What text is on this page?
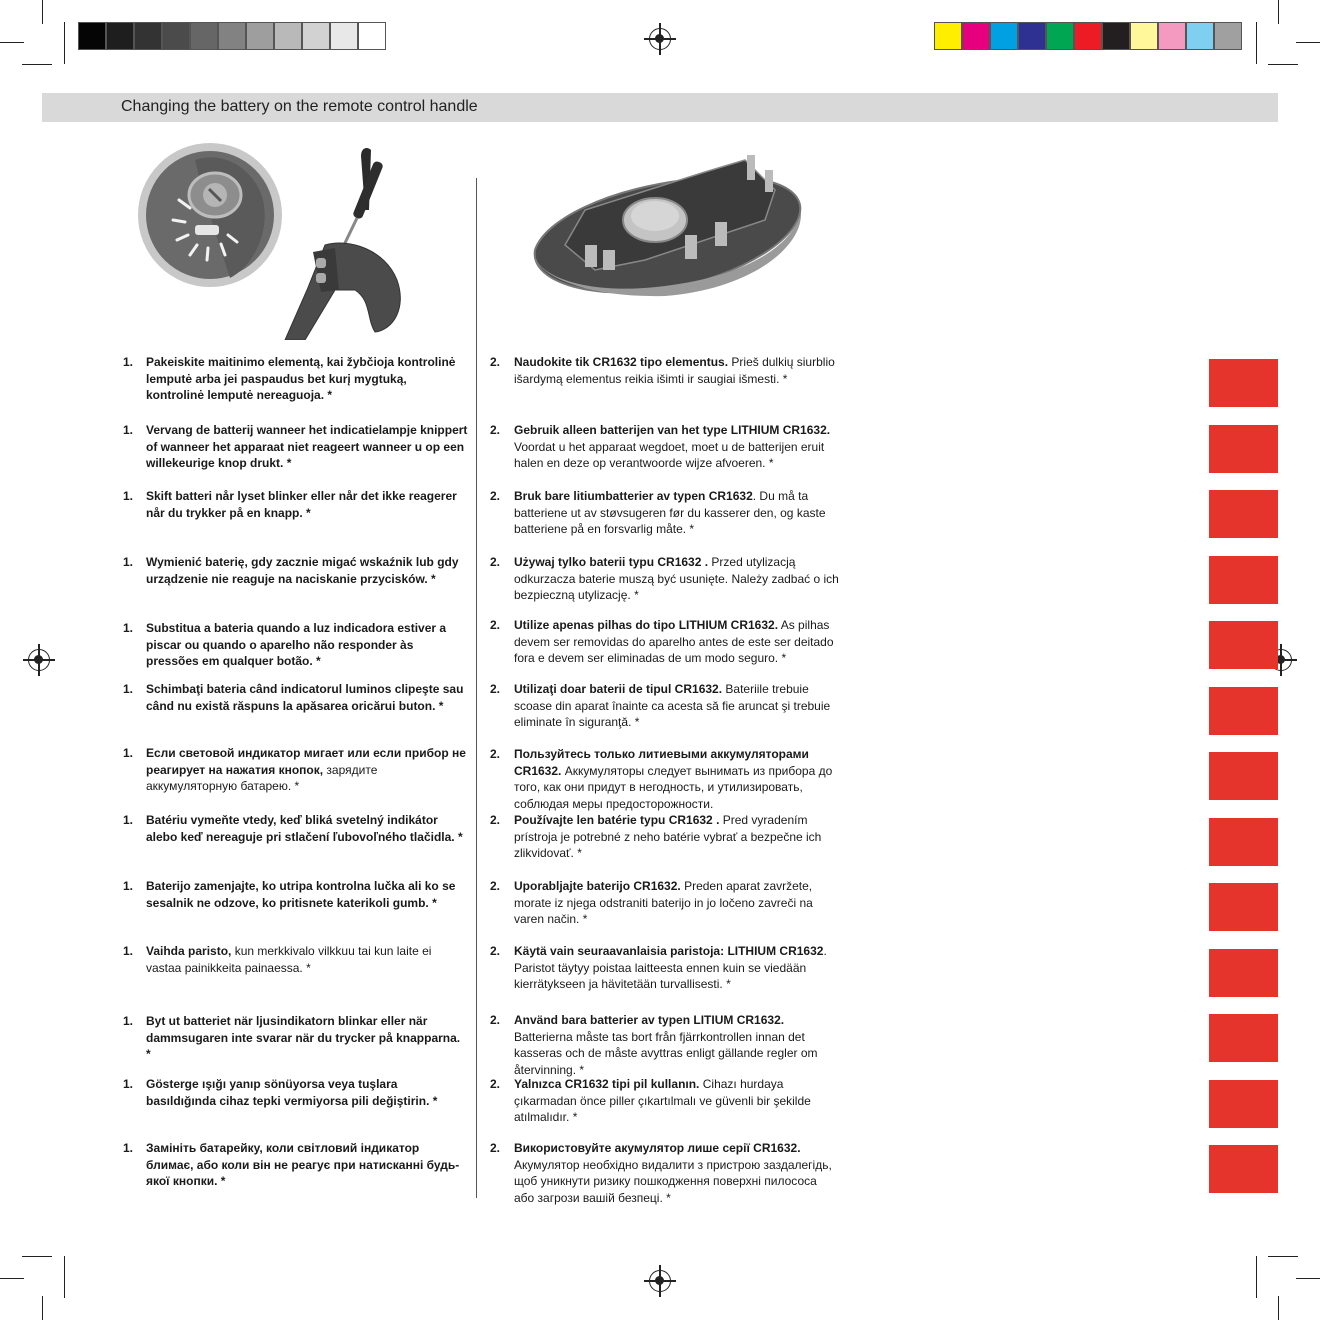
Changing the battery on the remote control handle
1. Pakeiskite maitinimo elementą, kai žybčioja kontrolinė lemputė arba jei paspaudus bet kurį mygtuką, kontrolinė lemputė nereaguoja. *
1. Vervang de batterij wanneer het indicatielampje knippert of wanneer het apparaat niet reageert wanneer u op een willekeurige knop drukt. *
1. Skift batteri når lyset blinker eller når det ikke reagerer når du trykker på en knapp. *
1. Wymienić baterię, gdy zacznie migać wskaźnik lub gdy urządzenie nie reaguje na naciskanie przycisków. *
1. Substitua a bateria quando a luz indicadora estiver a piscar ou quando o aparelho não responder às pressões em qualquer botão. *
1. Schimbaţi bateria când indicatorul luminos clipeşte sau când nu există răspuns la apăsarea oricărui buton. *
1. Если световой индикатор мигает или если прибор не реагирует на нажатия кнопок, зарядите аккумуляторную батарею. *
1. Batériu vymeňte vtedy, keď bliká svetelný indikátor alebo keď nereaguje pri stlačení ľubovoľného tlačidla. *
1. Baterijo zamenjajte, ko utripa kontrolna lučka ali ko se sesalnik ne odzove, ko pritisnete katerikoli gumb. *
1. Vaihda paristo, kun merkkivalo vilkkuu tai kun laite ei vastaa painikkeita painaessa. *
1. Byt ut batteriet när ljusindikatorn blinkar eller när dammsugaren inte svarar när du trycker på knapparna. *
1. Gösterge ışığı yanıp sönüyorsa veya tuşlara basıldığında cihaz tepki vermiyorsa pili değiştirin. *
1. Замініть батарейку, коли світловий індикатор блимає, або коли він не реагує при натисканні будь-якої кнопки. *
2. Naudokite tik CR1632 tipo elementus. Prieš dulkių siurblio išardymą elementus reikia išimti ir saugiai išmesti. *
2. Gebruik alleen batterijen van het type LITHIUM CR1632. Voordat u het apparaat wegdoet, moet u de batterijen eruit halen en deze op verantwoorde wijze afvoeren. *
2. Bruk bare litiumbatterier av typen CR1632. Du må ta batteriene ut av støvsugeren før du kasserer den, og kaste batteriene på en forsvarlig måte. *
2. Używaj tylko baterii typu CR1632 . Przed utylizacją odkurzacza baterie muszą być usunięte. Należy zadbać o ich bezpieczną utylizację. *
2. Utilize apenas pilhas do tipo LITHIUM CR1632. As pilhas devem ser removidas do aparelho antes de este ser deitado fora e devem ser eliminadas de um modo seguro. *
2. Utilizaţi doar baterii de tipul CR1632. Bateriile trebuie scoase din aparat înainte ca acesta să fie aruncat şi trebuie eliminate în siguranţă. *
2. Пользуйтесь только литиевыми аккумуляторами CR1632. Аккумуляторы следует вынимать из прибора до того, как они придут в негодность, и утилизировать, соблюдая меры предосторожности.
2. Používajte len batérie typu CR1632 . Pred vyradením prístroja je potrebné z neho batérie vybrať a bezpečne ich zlikvidovať. *
2. Uporabljajte baterijo CR1632. Preden aparat zavržete, morate iz njega odstraniti baterijo in jo ločeno zavreči na varen način. *
2. Käytä vain seuraavanlaisia paristoja: LITHIUM CR1632. Paristot täytyy poistaa laitteesta ennen kuin se viedään kierrätykseen ja hävitetään turvallisesti. *
2. Använd bara batterier av typen LITIUM CR1632. Batterierna måste tas bort från fjärrkontrollen innan det kasseras och de måste avyttras enligt gällande regler om återvinning. *
2. Yalnızca CR1632 tipi pil kullanın. Cihazı hurdaya çıkarmadan önce piller çıkartılmalı ve güvenli bir şekilde atılmalıdır. *
2. Використовуйте акумулятор лише серії CR1632. Акумулятор необхідно видалити з пристрою заздалегідь, щоб уникнути ризику пошкодження поверхні пилососа або загрози вашій безпеці. *
